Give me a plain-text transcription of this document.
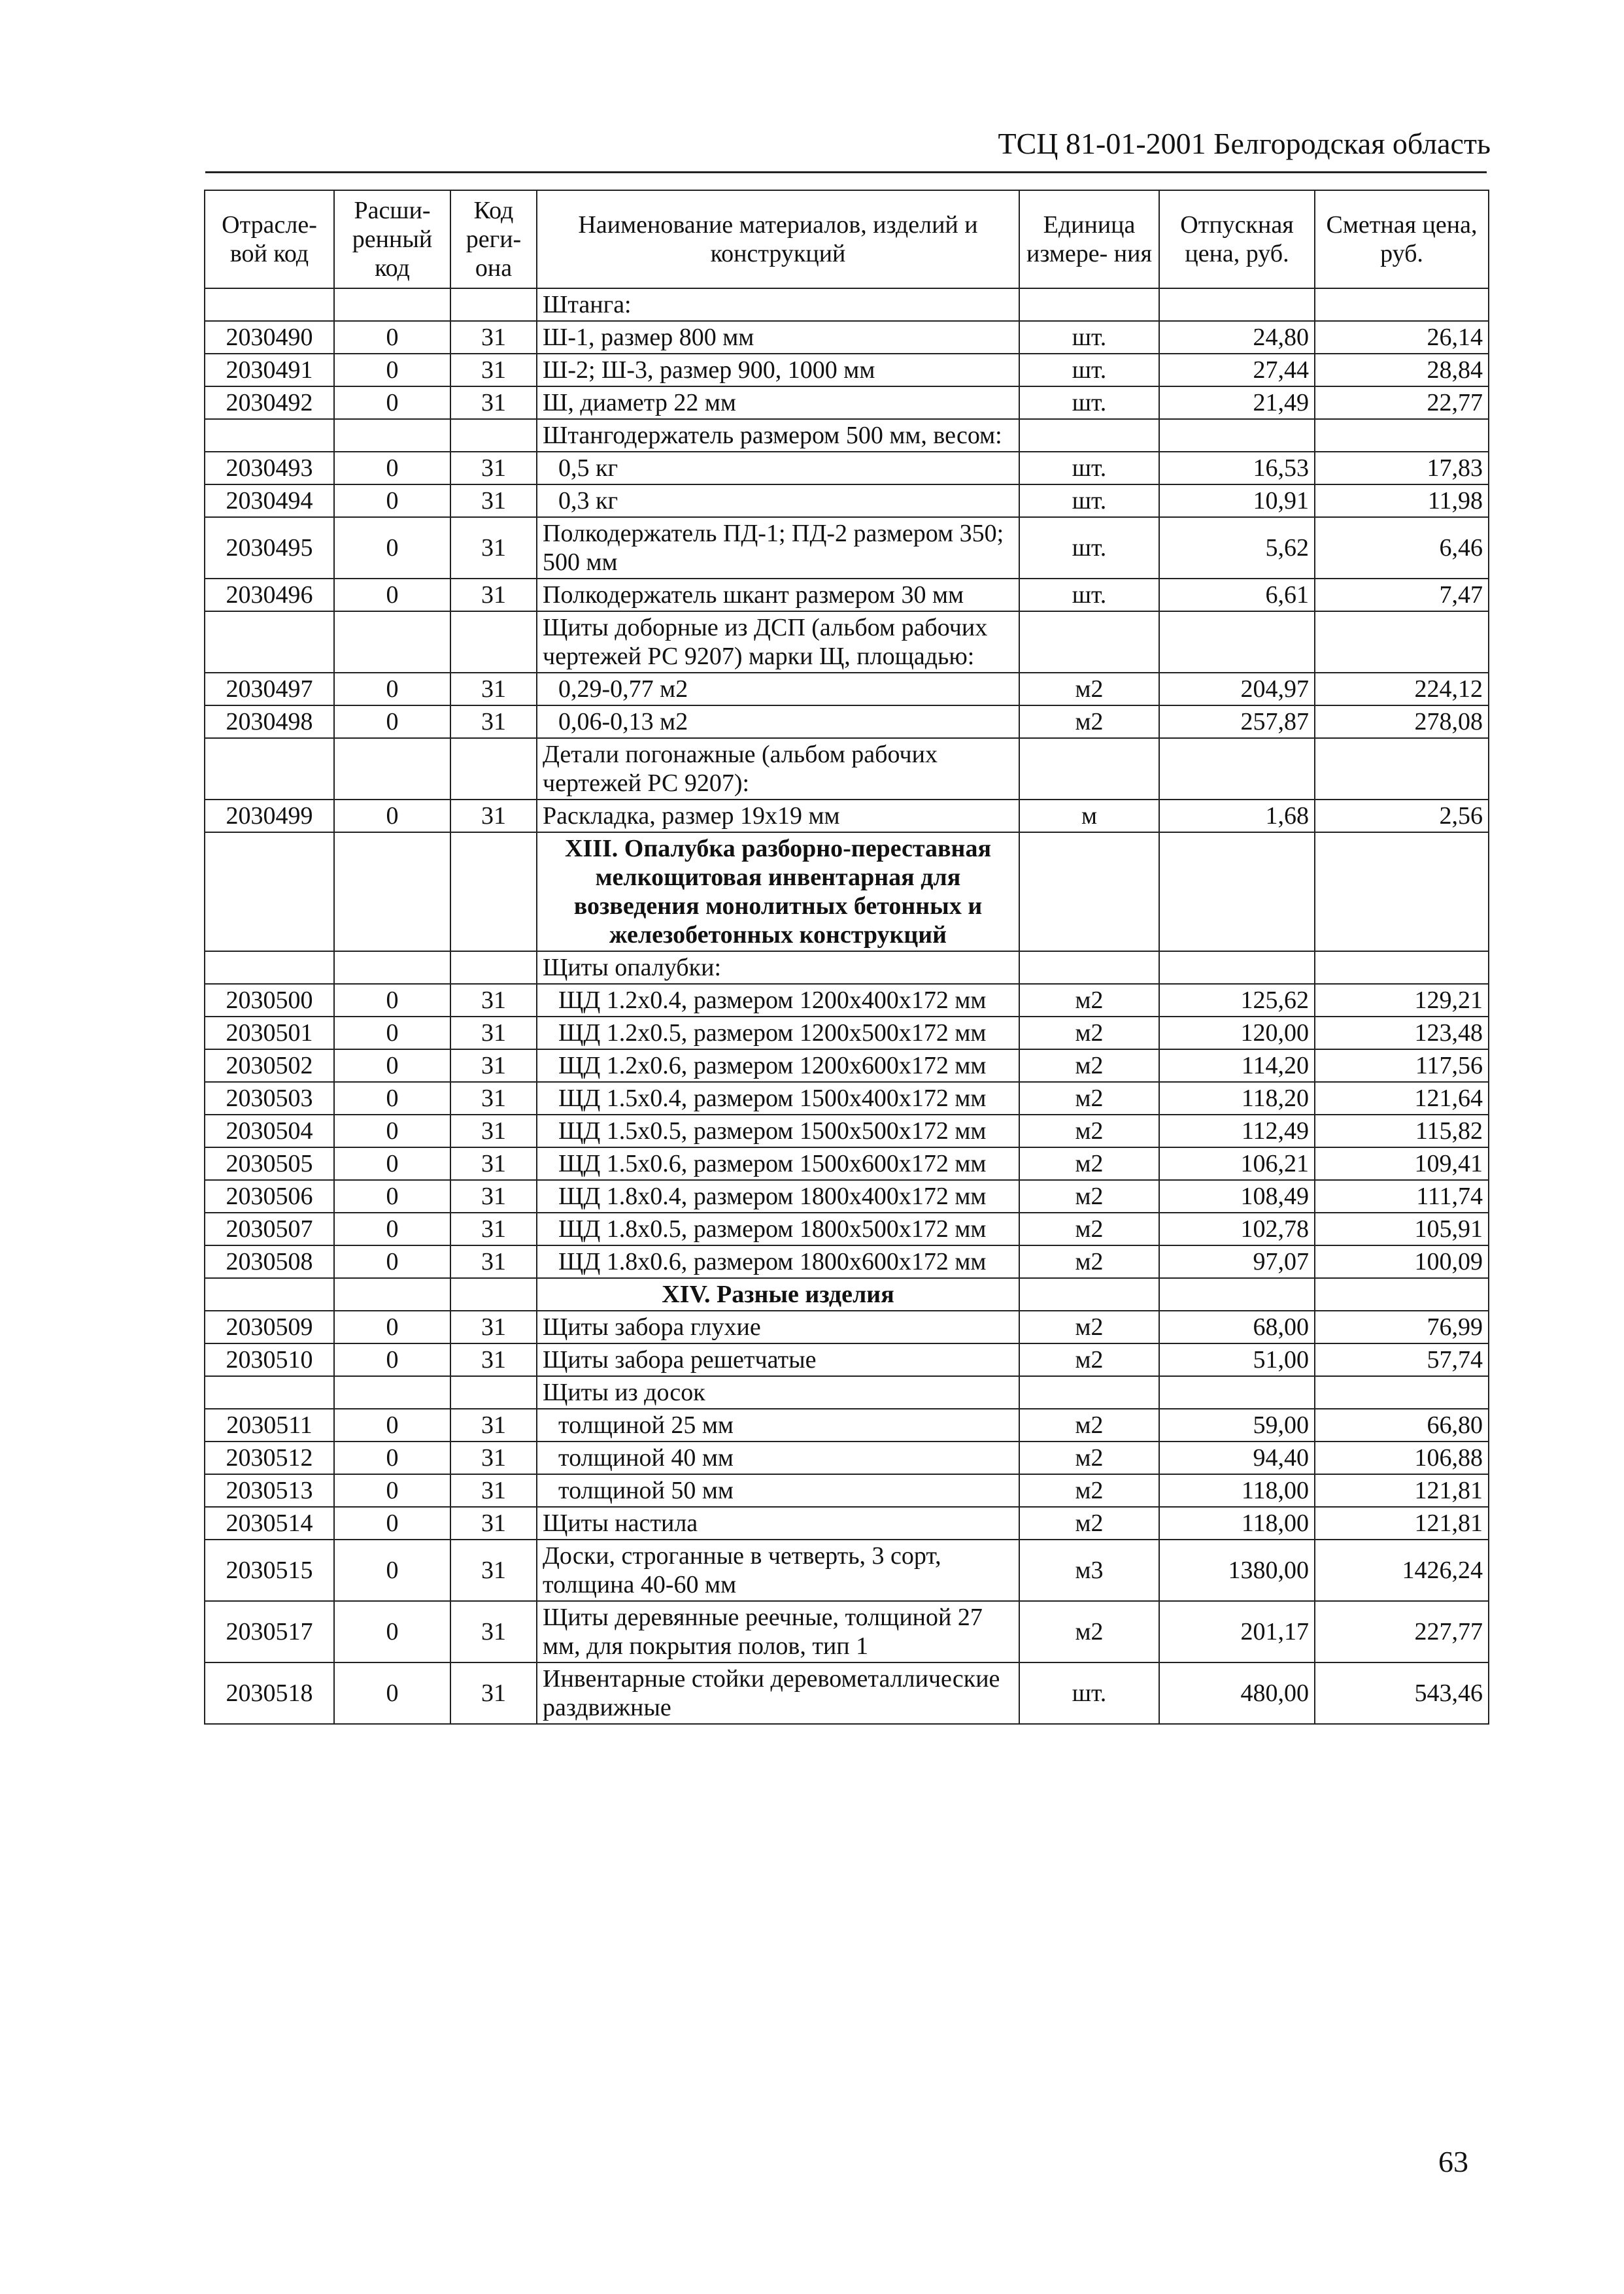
ТСЦ 81-01-2001 Белгородская область
Отрасле- вой код	Расши- ренный код	Код реги- она	Наименование материалов, изделий и конструкций	Единица измере- ния	Отпускная цена, руб.	Сметная цена, руб.
			Штанга:			
2030490	0	31	Ш-1, размер 800 мм	шт.	24,80	26,14
2030491	0	31	Ш-2; Ш-3, размер 900, 1000 мм	шт.	27,44	28,84
2030492	0	31	Ш, диаметр 22 мм	шт.	21,49	22,77
			Штангодержатель размером 500 мм, весом:			
2030493	0	31	0,5 кг	шт.	16,53	17,83
2030494	0	31	0,3 кг	шт.	10,91	11,98
2030495	0	31	Полкодержатель ПД-1; ПД-2 размером 350; 500 мм	шт.	5,62	6,46
2030496	0	31	Полкодержатель шкант размером 30 мм	шт.	6,61	7,47
			Щиты доборные из ДСП (альбом рабочих чертежей РС 9207) марки Щ, площадью:			
2030497	0	31	0,29-0,77 м2	м2	204,97	224,12
2030498	0	31	0,06-0,13 м2	м2	257,87	278,08
			Детали погонажные (альбом рабочих чертежей РС 9207):			
2030499	0	31	Раскладка, размер 19х19 мм	м	1,68	2,56
			XIII. Опалубка разборно-переставная мелкощитовая инвентарная для возведения монолитных бетонных и железобетонных конструкций			
			Щиты опалубки:			
2030500	0	31	ЩД 1.2х0.4, размером 1200х400х172 мм	м2	125,62	129,21
2030501	0	31	ЩД 1.2х0.5, размером 1200х500х172 мм	м2	120,00	123,48
2030502	0	31	ЩД 1.2х0.6, размером 1200х600х172 мм	м2	114,20	117,56
2030503	0	31	ЩД 1.5х0.4, размером 1500х400х172 мм	м2	118,20	121,64
2030504	0	31	ЩД 1.5х0.5, размером 1500х500х172 мм	м2	112,49	115,82
2030505	0	31	ЩД 1.5х0.6, размером 1500х600х172 мм	м2	106,21	109,41
2030506	0	31	ЩД 1.8х0.4, размером 1800х400х172 мм	м2	108,49	111,74
2030507	0	31	ЩД 1.8х0.5, размером 1800х500х172 мм	м2	102,78	105,91
2030508	0	31	ЩД 1.8х0.6, размером 1800х600х172 мм	м2	97,07	100,09
			XIV. Разные изделия			
2030509	0	31	Щиты забора глухие	м2	68,00	76,99
2030510	0	31	Щиты забора решетчатые	м2	51,00	57,74
			Щиты из досок			
2030511	0	31	толщиной 25 мм	м2	59,00	66,80
2030512	0	31	толщиной 40 мм	м2	94,40	106,88
2030513	0	31	толщиной 50 мм	м2	118,00	121,81
2030514	0	31	Щиты настила	м2	118,00	121,81
2030515	0	31	Доски, строганные в четверть, 3 сорт, толщина 40-60 мм	м3	1380,00	1426,24
2030517	0	31	Щиты деревянные реечные, толщиной 27 мм, для покрытия полов, тип 1	м2	201,17	227,77
2030518	0	31	Инвентарные стойки деревометаллические раздвижные	шт.	480,00	543,46
63
